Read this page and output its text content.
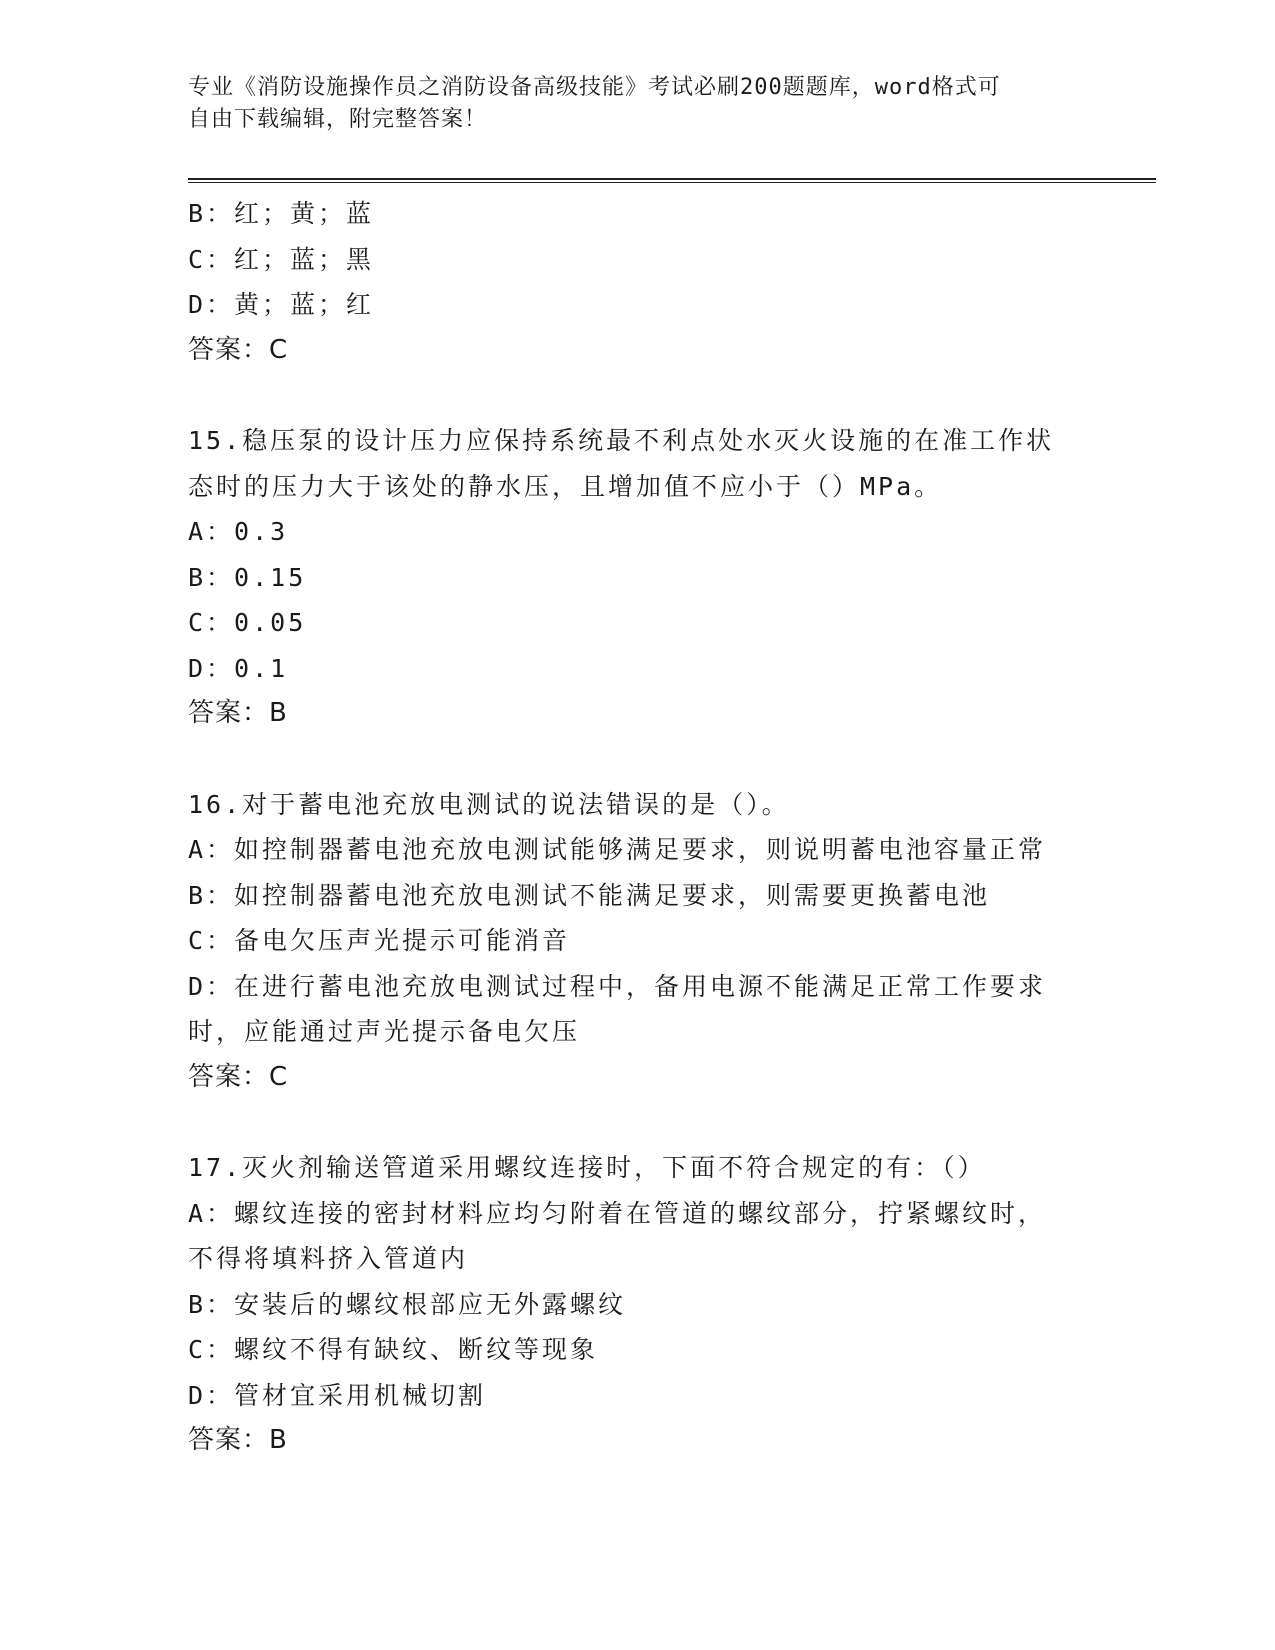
专业《消防设施操作员之消防设备高级技能》考试必刷200题题库，word格式可
自由下载编辑，附完整答案！
B：红；黄；蓝
C：红；蓝；黑
D：黄；蓝；红
答案：C
15.稳压泵的设计压力应保持系统最不利点处水灭火设施的在准工作状
态时的压力大于该处的静水压，且增加值不应小于（）MPa。
A：0.3
B：0.15
C：0.05
D：0.1
答案：B
16.对于蓄电池充放电测试的说法错误的是（）。
A：如控制器蓄电池充放电测试能够满足要求，则说明蓄电池容量正常
B：如控制器蓄电池充放电测试不能满足要求，则需要更换蓄电池
C：备电欠压声光提示可能消音
D：在进行蓄电池充放电测试过程中，备用电源不能满足正常工作要求
时，应能通过声光提示备电欠压
答案：C
17.灭火剂输送管道采用螺纹连接时，下面不符合规定的有：（）
A：螺纹连接的密封材料应均匀附着在管道的螺纹部分，拧紧螺纹时，
不得将填料挤入管道内
B：安装后的螺纹根部应无外露螺纹
C：螺纹不得有缺纹、断纹等现象
D：管材宜采用机械切割
答案：B
